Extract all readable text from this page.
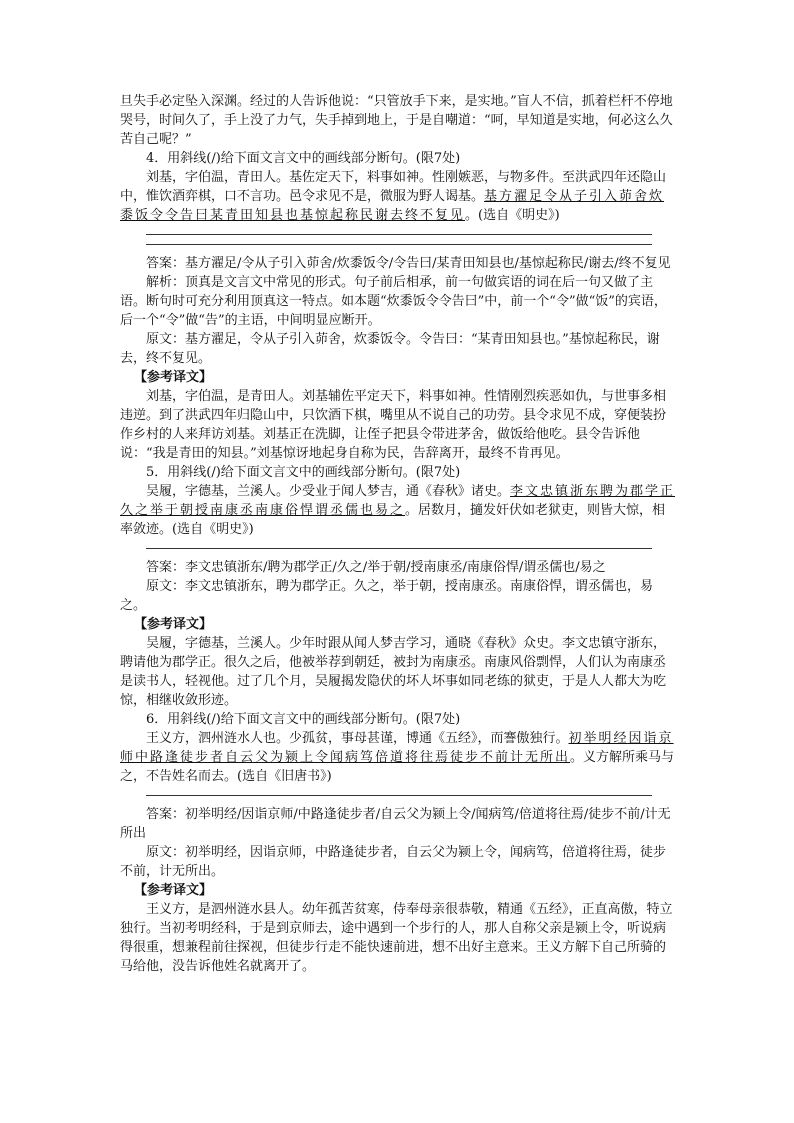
旦失手必定坠入深渊。经过的人告诉他说：“只管放手下来，是实地。”盲人不信，抓着栏杆不停地哭号，时间久了，手上没了力气，失手掉到地上，于是自嘲道：“呵，早知道是实地，何必这么久苦自己呢？”

4．用斜线(/)给下面文言文中的画线部分断句。(限7处)

刘基，字伯温，青田人。基佐定天下，料事如神。性刚嫉恶，与物多件。至洪武四年还隐山中，惟饮酒弈棋，口不言功。邑令求见不是，微服为野人谒基。基方濯足令从子引入茆舍炊黍饭令令告曰某青田知县也基惊起称民谢去终不复见。(选自《明史》)

答案：基方濯足/令从子引入茆舍/炊黍饭令/令告曰/某青田知县也/基惊起称民/谢去/终不复见

解析：顶真是文言文中常见的形式。句子前后相承，前一句做宾语的词在后一句又做了主语。断句时可充分利用顶真这一特点。如本题“炊黍饭令令告曰”中，前一个“令”做“饭”的宾语，后一个“令”做“告”的主语，中间明显应断开。

原文：基方濯足，令从子引入茆舍，炊黍饭令。令告曰：“某青田知县也。”基惊起称民，谢去，终不复见。

【参考译文】

刘基，字伯温，是青田人。刘基辅佐平定天下，料事如神。性情刚烈疾恶如仇，与世事多相违逆。到了洪武四年归隐山中，只饮酒下棋，嘴里从不说自己的功劳。县令求见不成，穿便装扮作乡村的人来拜访刘基。刘基正在洗脚，让侄子把县令带进茅舍，做饭给他吃。县令告诉他说：“我是青田的知县。”刘基惊讶地起身自称为民，告辞离开，最终不肯再见。

5．用斜线(/)给下面文言文中的画线部分断句。(限7处)

吴履，字德基，兰溪人。少受业于闻人梦吉，通《春秋》诸史。李文忠镇浙东聘为郡学正久之举于朝授南康丞南康俗悍谓丞儒也易之。居数月，擿发奸伏如老狱吏，则皆大惊，相率敛迹。(选自《明史》)

答案：李文忠镇浙东/聘为郡学正/久之/举于朝/授南康丞/南康俗悍/谓丞儒也/易之

原文：李文忠镇浙东，聘为郡学正。久之，举于朝，授南康丞。南康俗悍，谓丞儒也，易之。

【参考译文】

吴履，字德基，兰溪人。少年时跟从闻人梦吉学习，通晓《春秋》众史。李文忠镇守浙东，聘请他为郡学正。很久之后，他被举荐到朝廷，被封为南康丞。南康风俗剽悍，人们认为南康丞是读书人，轻视他。过了几个月，吴履揭发隐伏的坏人坏事如同老练的狱吏，于是人人都大为吃惊，相继收敛形迹。

6．用斜线(/)给下面文言文中的画线部分断句。(限7处)

王义方，泗州涟水人也。少孤贫，事母甚谨，博通《五经》，而謇傲独行。初举明经因诣京师中路逢徒步者自云父为颍上令闻病笃倍道将往焉徒步不前计无所出。义方解所乘马与之，不告姓名而去。(选自《旧唐书》)

答案：初举明经/因诣京师/中路逢徒步者/自云父为颍上令/闻病笃/倍道将往焉/徒步不前/计无所出

原文：初举明经，因诣京师，中路逢徒步者，自云父为颍上令，闻病笃，倍道将往焉，徒步不前，计无所出。

【参考译文】

王义方，是泗州涟水县人。幼年孤苦贫寒，侍奉母亲很恭敬，精通《五经》，正直高傲，特立独行。当初考明经科，于是到京师去，途中遇到一个步行的人，那人自称父亲是颍上令，听说病得很重，想兼程前往探视，但徒步行走不能快速前进，想不出好主意来。王义方解下自己所骑的马给他，没告诉他姓名就离开了。
